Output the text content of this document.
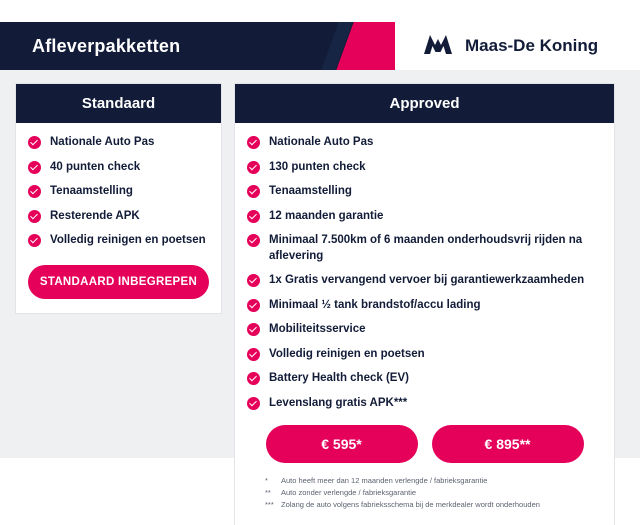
Afleverpakketten	Maas-De Koning
Standaard
Nationale Auto Pas
40 punten check
Tenaamstelling
Resterende APK
Volledig reinigen en poetsen
STANDAARD INBEGREPEN
Approved
Nationale Auto Pas
130 punten check
Tenaamstelling
12 maanden garantie
Minimaal 7.500km of 6 maanden onderhoudsvrij rijden na aflevering
1x Gratis vervangend vervoer bij garantiewerkzaamheden
Minimaal ½ tank brandstof/accu lading
Mobiliteitsservice
Volledig reinigen en poetsen
Battery Health check (EV)
Levenslang gratis APK***
€ 595*	€ 895**
*	Auto heeft meer dan 12 maanden verlengde / fabrieksgarantie
**	Auto zonder verlengde / fabrieksgarantie
*** Zolang de auto volgens fabrieksschema bij de merkdealer wordt onderhouden
